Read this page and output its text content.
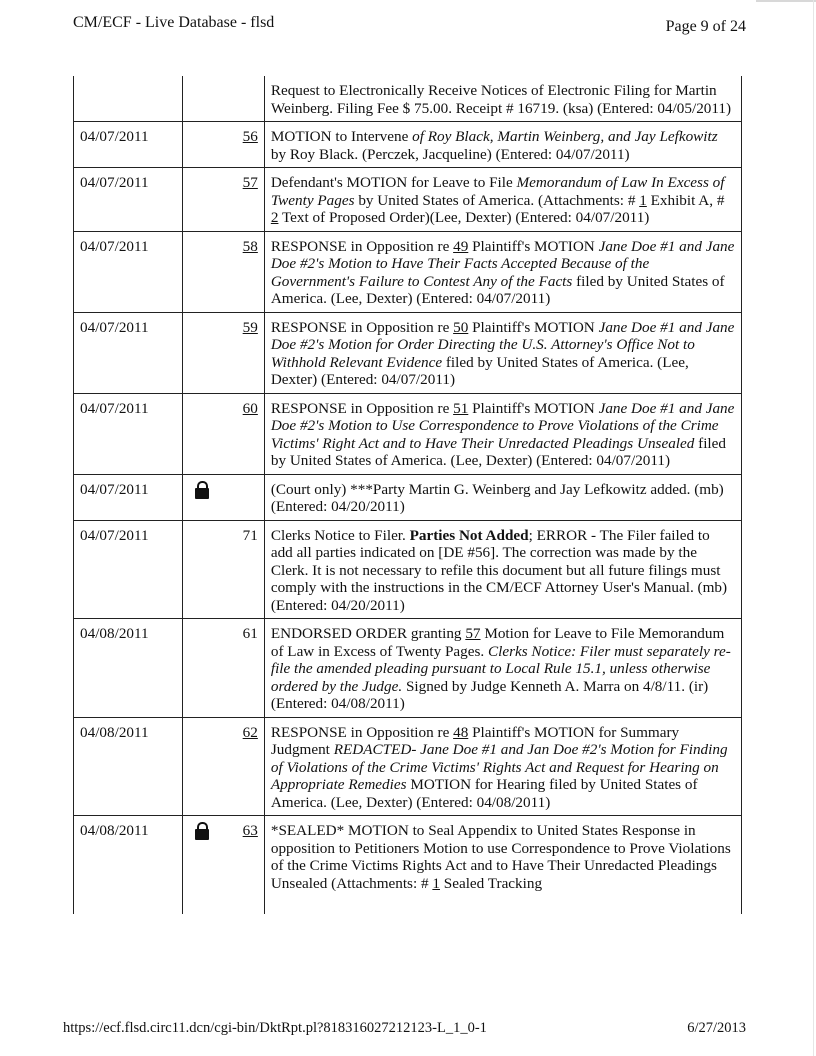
CM/ECF - Live Database - flsd	Page 9 of 24
		Request to Electronically Receive Notices of Electronic Filing for Martin Weinberg. Filing Fee $ 75.00. Receipt # 16719. (ksa) (Entered: 04/05/2011)
04/07/2011	56	MOTION to Intervene of Roy Black, Martin Weinberg, and Jay Lefkowitz by Roy Black. (Perczek, Jacqueline) (Entered: 04/07/2011)
04/07/2011	57	Defendant's MOTION for Leave to File Memorandum of Law In Excess of Twenty Pages by United States of America. (Attachments: # 1 Exhibit A, # 2 Text of Proposed Order)(Lee, Dexter) (Entered: 04/07/2011)
04/07/2011	58	RESPONSE in Opposition re 49 Plaintiff's MOTION Jane Doe #1 and Jane Doe #2's Motion to Have Their Facts Accepted Because of the Government's Failure to Contest Any of the Facts filed by United States of America. (Lee, Dexter) (Entered: 04/07/2011)
04/07/2011	59	RESPONSE in Opposition re 50 Plaintiff's MOTION Jane Doe #1 and Jane Doe #2's Motion for Order Directing the U.S. Attorney's Office Not to Withhold Relevant Evidence filed by United States of America. (Lee, Dexter) (Entered: 04/07/2011)
04/07/2011	60	RESPONSE in Opposition re 51 Plaintiff's MOTION Jane Doe #1 and Jane Doe #2's Motion to Use Correspondence to Prove Violations of the Crime Victims' Right Act and to Have Their Unredacted Pleadings Unsealed filed by United States of America. (Lee, Dexter) (Entered: 04/07/2011)
04/07/2011		(Court only) ***Party Martin G. Weinberg and Jay Lefkowitz added. (mb) (Entered: 04/20/2011)
04/07/2011	71	Clerks Notice to Filer. Parties Not Added; ERROR - The Filer failed to add all parties indicated on [DE #56]. The correction was made by the Clerk. It is not necessary to refile this document but all future filings must comply with the instructions in the CM/ECF Attorney User's Manual. (mb) (Entered: 04/20/2011)
04/08/2011	61	ENDORSED ORDER granting 57 Motion for Leave to File Memorandum of Law in Excess of Twenty Pages. Clerks Notice: Filer must separately re-file the amended pleading pursuant to Local Rule 15.1, unless otherwise ordered by the Judge. Signed by Judge Kenneth A. Marra on 4/8/11. (ir) (Entered: 04/08/2011)
04/08/2011	62	RESPONSE in Opposition re 48 Plaintiff's MOTION for Summary Judgment REDACTED- Jane Doe #1 and Jan Doe #2's Motion for Finding of Violations of the Crime Victims' Rights Act and Request for Hearing on Appropriate Remedies MOTION for Hearing filed by United States of America. (Lee, Dexter) (Entered: 04/08/2011)
04/08/2011	63	*SEALED* MOTION to Seal Appendix to United States Response in opposition to Petitioners Motion to use Correspondence to Prove Violations of the Crime Victims Rights Act and to Have Their Unredacted Pleadings Unsealed (Attachments: # 1 Sealed Tracking

https://ecf.flsd.circ11.dcn/cgi-bin/DktRpt.pl?818316027212123-L_1_0-1	6/27/2013
